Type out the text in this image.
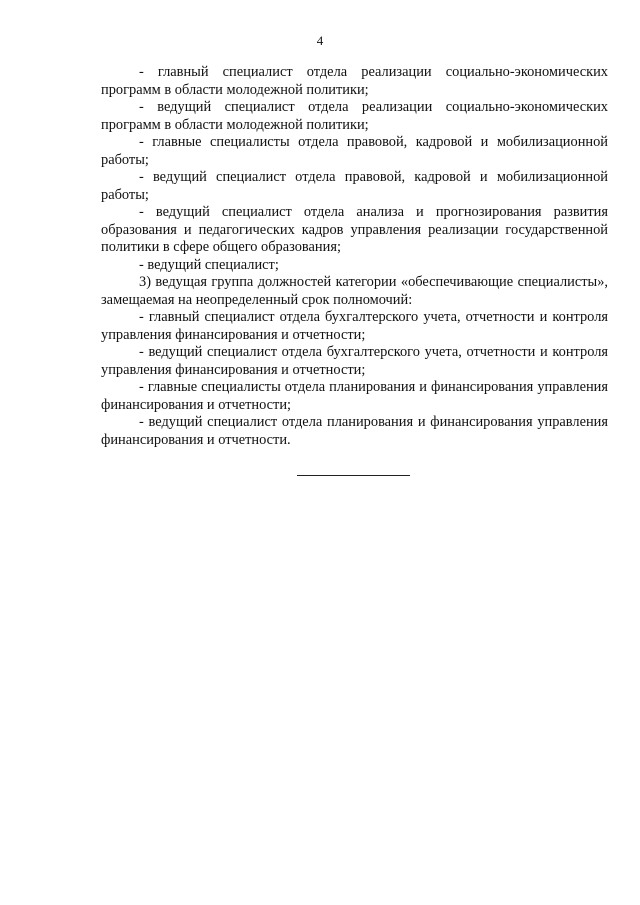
4

- главный специалист отдела реализации социально-экономических программ в области молодежной политики;

- ведущий специалист отдела реализации социально-экономических программ в области молодежной политики;

- главные специалисты отдела правовой, кадровой и мобилизационной работы;

- ведущий специалист отдела правовой, кадровой и мобилизационной работы;

- ведущий специалист отдела анализа и прогнозирования развития образования и педагогических кадров управления реализации государственной политики в сфере общего образования;

- ведущий специалист;

3) ведущая группа должностей категории «обеспечивающие специалисты», замещаемая на неопределенный срок полномочий:

- главный специалист отдела бухгалтерского учета, отчетности и контроля управления финансирования и отчетности;

- ведущий специалист отдела бухгалтерского учета, отчетности и контроля управления финансирования и отчетности;

- главные специалисты отдела планирования и финансирования управления финансирования и отчетности;

- ведущий специалист отдела планирования и финансирования управления финансирования и отчетности.
